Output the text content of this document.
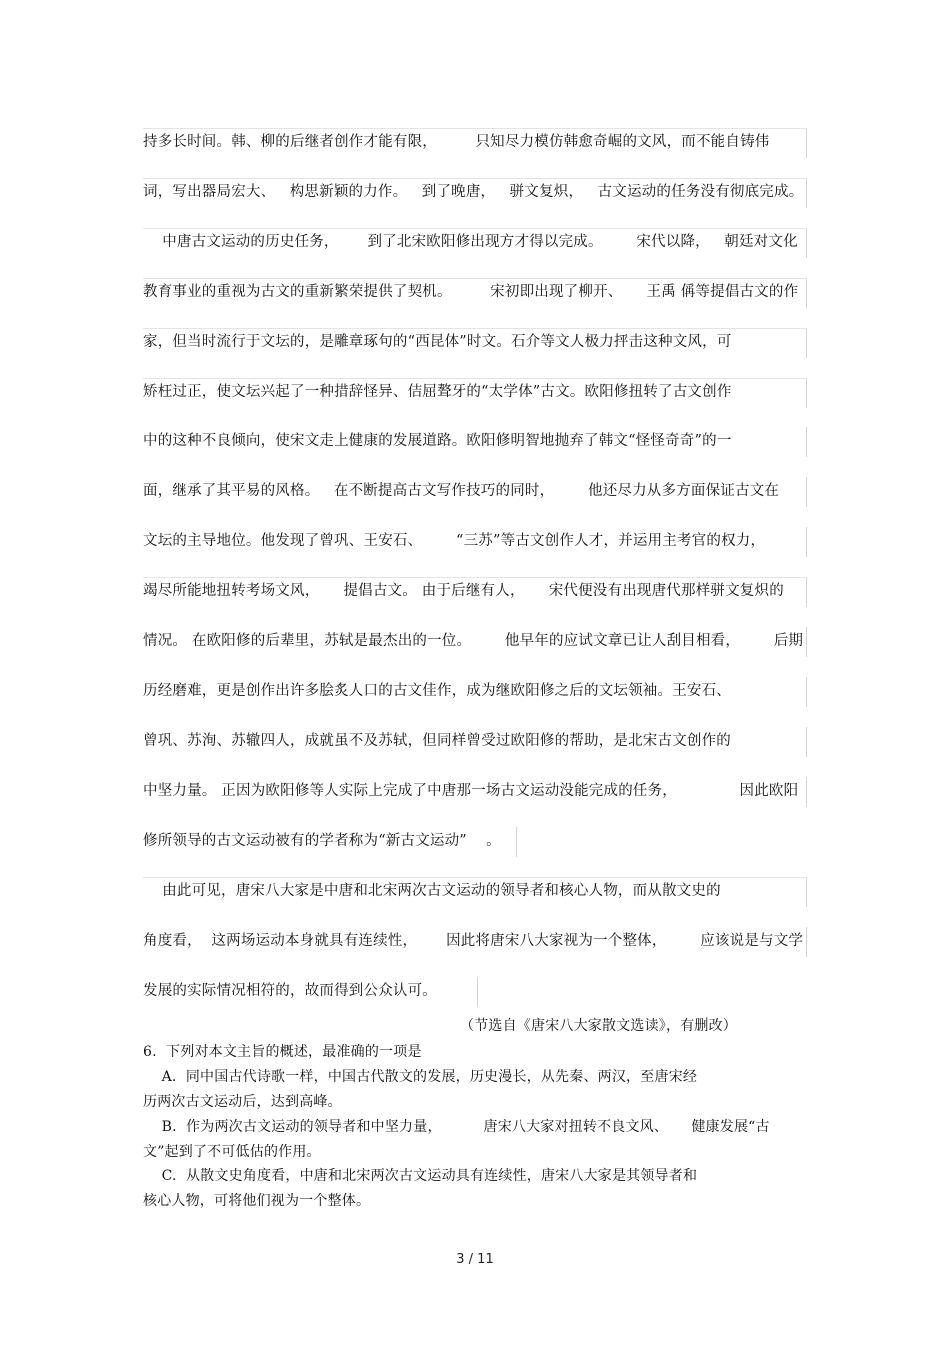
持多长时间。韩、柳的后继者创作才能有限，        只知尽力模仿韩愈奇崛的文风，而不能自铸伟
词，写出器局宏大、   构思新颖的力作。   到了晚唐，   骈文复炽，   古文运动的任务没有彻底完成。
中唐古文运动的历史任务，      到了北宋欧阳修出现方才得以完成。       宋代以降，   朝廷对文化
教育事业的重视为古文的重新繁荣提供了契机。        宋初即出现了柳开、     王禹 偁等提倡古文的作
家，但当时流行于文坛的，是雕章琢句的“西昆体”时文。石介等文人极力抨击这种文风，可
矫枉过正，使文坛兴起了一种措辞怪异、佶屈聱牙的“太学体”古文。欧阳修扭转了古文创作
中的这种不良倾向，使宋文走上健康的发展道路。欧阳修明智地抛弃了韩文“怪怪奇奇”的一
面，继承了其平易的风格。   在不断提高古文写作技巧的同时，       他还尽力从多方面保证古文在
文坛的主导地位。他发现了曾巩、王安石、       “三苏”等古文创作人才，并运用主考官的权力，
竭尽所能地扭转考场文风，     提倡古文。 由于后继有人，     宋代便没有出现唐代那样骈文复炽的
情况。 在欧阳修的后辈里，苏轼是最杰出的一位。       他早年的应试文章已让人刮目相看，       后期
历经磨难，更是创作出许多脍炙人口的古文佳作，成为继欧阳修之后的文坛领袖。王安石、
曾巩、苏洵、苏辙四人，成就虽不及苏轼，但同样曾受过欧阳修的帮助，是北宋古文创作的
中坚力量。 正因为欧阳修等人实际上完成了中唐那一场古文运动没能完成的任务，             因此欧阳
修所领导的古文运动被有的学者称为“新古文运动”    。
由此可见，唐宋八大家是中唐和北宋两次古文运动的领导者和核心人物，而从散文史的
角度看，  这两场运动本身就具有连续性，      因此将唐宋八大家视为一个整体，       应该说是与文学
发展的实际情况相符的，故而得到公众认可。
（节选自《唐宋八大家散文选读》，有删改）
6.  下列对本文主旨的概述，最准确的一项是
A.  同中国古代诗歌一样，中国古代散文的发展，历史漫长，从先秦、两汉，至唐宋经
历两次古文运动后，达到高峰。
B.  作为两次古文运动的领导者和中坚力量，         唐宋八大家对扭转不良文风、     健康发展“古
文”起到了不可低估的作用。
C.  从散文史角度看，中唐和北宋两次古文运动具有连续性，唐宋八大家是其领导者和
核心人物，可将他们视为一个整体。
3 / 11
